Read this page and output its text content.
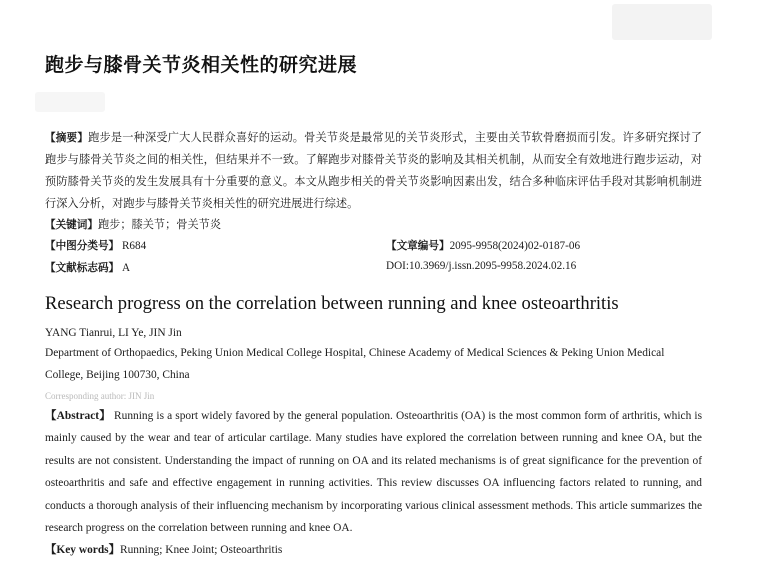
跑步与膝骨关节炎相关性的研究进展
【摘要】跑步是一种深受广大人民群众喜好的运动。骨关节炎是最常见的关节炎形式，主要由关节软骨磨损而引发。许多研究探讨了跑步与膝骨关节炎之间的相关性，但结果并不一致。了解跑步对膝骨关节炎的影响及其相关机制，从而安全有效地进行跑步运动，对预防膝骨关节炎的发生发展具有十分重要的意义。本文从跑步相关的骨关节炎影响因素出发，结合多种临床评估手段对其影响机制进行深入分析，对跑步与膝骨关节炎相关性的研究进展进行综述。
【关键词】跑步；膝关节；骨关节炎
【中图分类号】 R684	【文章编号】2095-9958(2024)02-0187-06
【文献标志码】 A	DOI:10.3969/j.issn.2095-9958.2024.02.16
Research progress on the correlation between running and knee osteoarthritis
YANG Tianrui, LI Ye, JIN Jin
Department of Orthopaedics, Peking Union Medical College Hospital, Chinese Academy of Medical Sciences & Peking Union Medical
College, Beijing 100730, China
Corresponding author: JIN Jin
【Abstract】 Running is a sport widely favored by the general population. Osteoarthritis (OA) is the most common form of arthritis, which is mainly caused by the wear and tear of articular cartilage. Many studies have explored the correlation between running and knee OA, but the results are not consistent. Understanding the impact of running on OA and its related mechanisms is of great significance for the prevention of osteoarthritis and safe and effective engagement in running activities. This review discusses OA influencing factors related to running, and conducts a thorough analysis of their influencing mechanism by incorporating various clinical assessment methods. This article summarizes the research progress on the correlation between running and knee OA.
【Key words】Running; Knee Joint; Osteoarthritis
